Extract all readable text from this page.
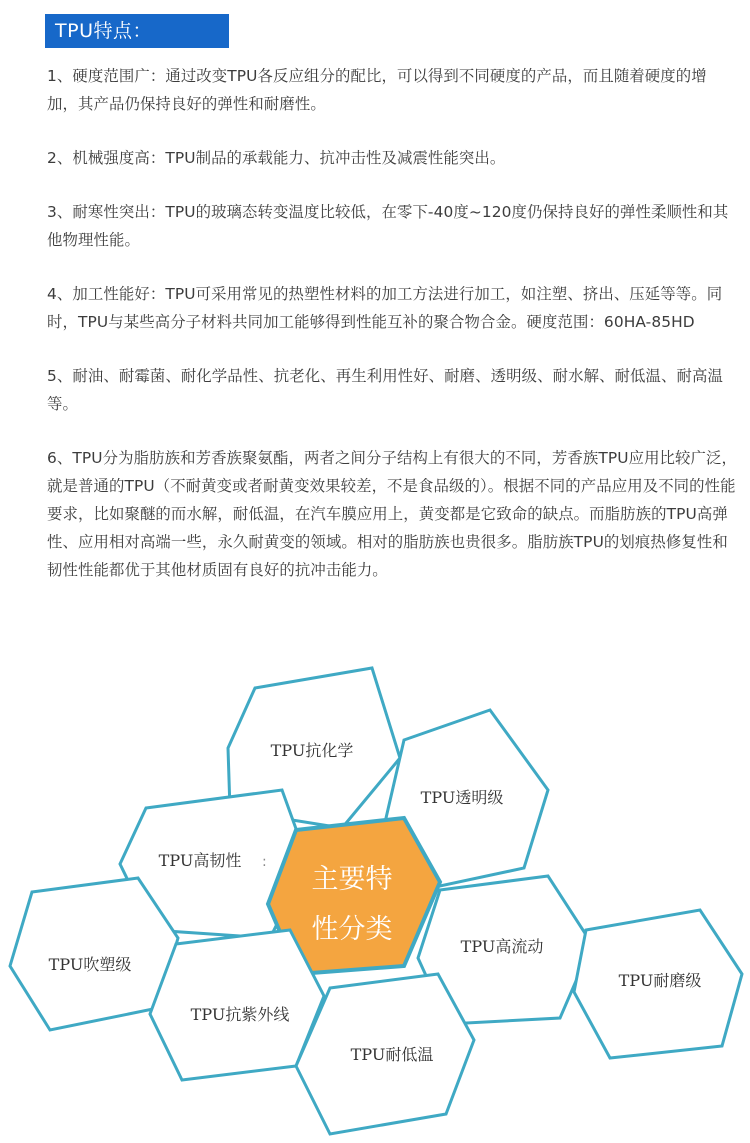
TPU特点：

1、硬度范围广：通过改变TPU各反应组分的配比，可以得到不同硬度的产品，而且随着硬度的增加，其产品仍保持良好的弹性和耐磨性。

2、机械强度高：TPU制品的承载能力、抗冲击性及减震性能突出。

3、耐寒性突出：TPU的玻璃态转变温度比较低，在零下-40度~120度仍保持良好的弹性柔顺性和其他物理性能。

4、加工性能好：TPU可采用常见的热塑性材料的加工方法进行加工，如注塑、挤出、压延等等。同时，TPU与某些高分子材料共同加工能够得到性能互补的聚合物合金。硬度范围：60HA-85HD

5、耐油、耐霉菌、耐化学品性、抗老化、再生利用性好、耐磨、透明级、耐水解、耐低温、耐高温等。

6、TPU分为脂肪族和芳香族聚氨酯，两者之间分子结构上有很大的不同，芳香族TPU应用比较广泛，就是普通的TPU（不耐黄变或者耐黄变效果较差，不是食品级的）。根据不同的产品应用及不同的性能要求，比如聚醚的而水解，耐低温，在汽车膜应用上，黄变都是它致命的缺点。而脂肪族的TPU高弹性、应用相对高端一些，永久耐黄变的领域。相对的脂肪族也贵很多。脂肪族TPU的划痕热修复性和韧性性能都优于其他材质固有良好的抗冲击能力。

TPU抗化学
TPU透明级
TPU高韧性 :
主要特
性分类
TPU高流动
TPU吹塑级
TPU耐磨级
TPU抗紫外线
TPU耐低温
